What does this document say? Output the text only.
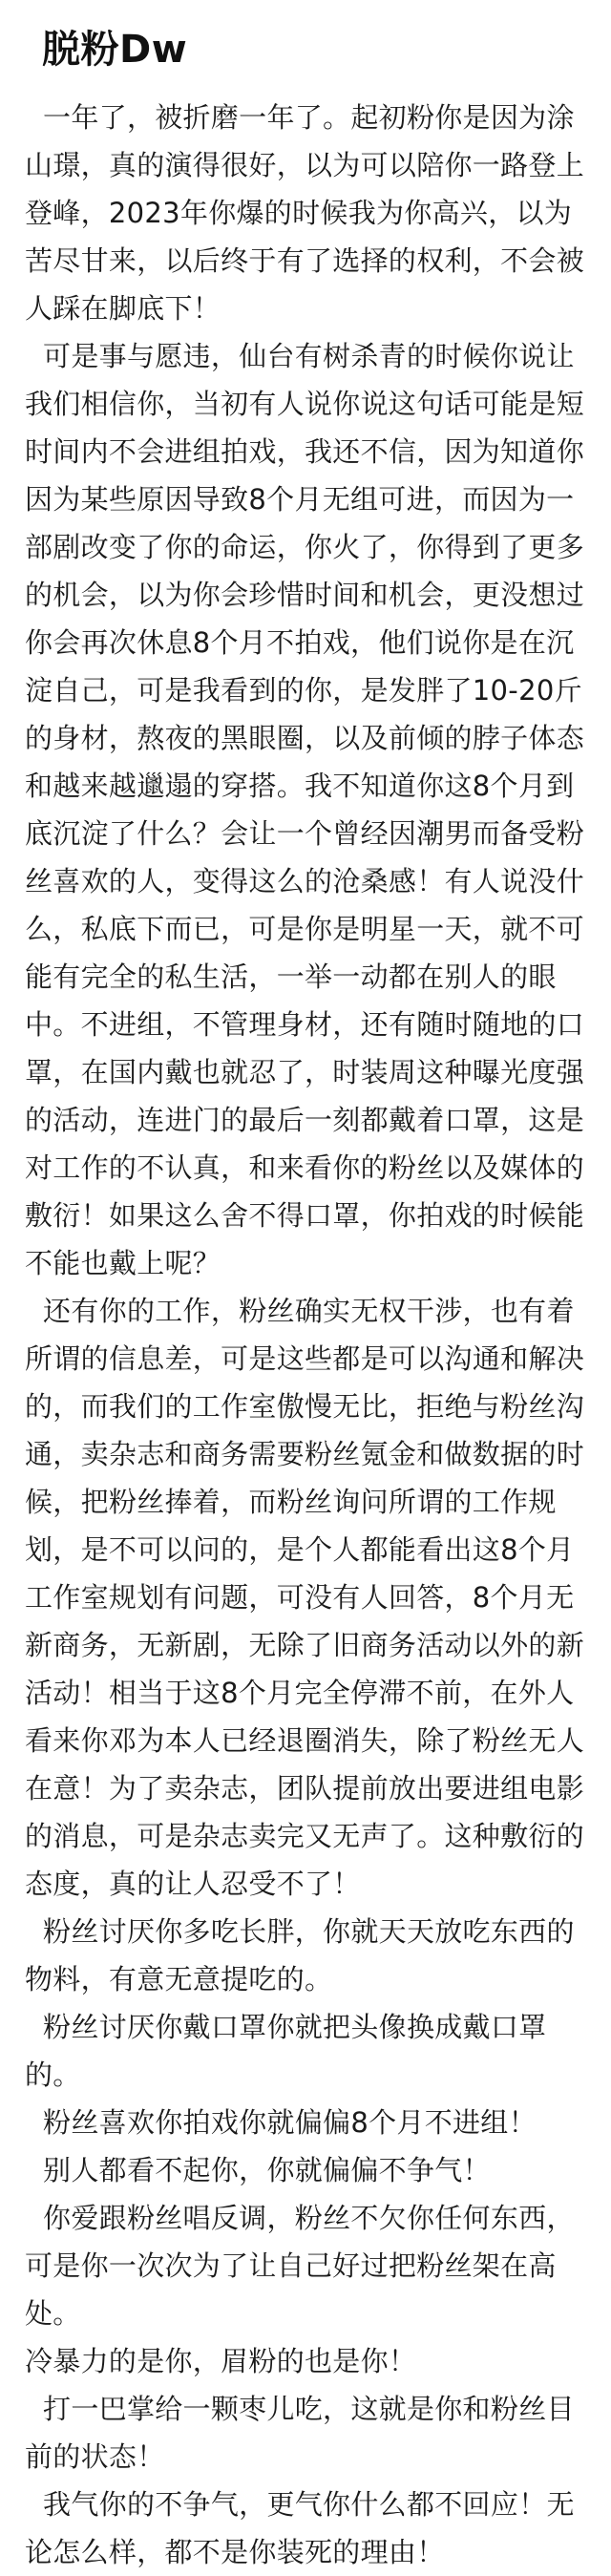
脱粉Dw

一年了，被折磨一年了。起初粉你是因为涂山璟，真的演得很好，以为可以陪你一路登上登峰，2023年你爆的时候我为你高兴，以为苦尽甘来，以后终于有了选择的权利，不会被人踩在脚底下！

可是事与愿违，仙台有树杀青的时候你说让我们相信你，当初有人说你说这句话可能是短时间内不会进组拍戏，我还不信，因为知道你因为某些原因导致8个月无组可进，而因为一部剧改变了你的命运，你火了，你得到了更多的机会，以为你会珍惜时间和机会，更没想过你会再次休息8个月不拍戏，他们说你是在沉淀自己，可是我看到的你，是发胖了10-20斤的身材，熬夜的黑眼圈，以及前倾的脖子体态和越来越邋遢的穿搭。我不知道你这8个月到底沉淀了什么？会让一个曾经因潮男而备受粉丝喜欢的人，变得这么的沧桑感！有人说没什么，私底下而已，可是你是明星一天，就不可能有完全的私生活，一举一动都在别人的眼中。不进组，不管理身材，还有随时随地的口罩，在国内戴也就忍了，时装周这种曝光度强的活动，连进门的最后一刻都戴着口罩，这是对工作的不认真，和来看你的粉丝以及媒体的敷衍！如果这么舍不得口罩，你拍戏的时候能不能也戴上呢？

还有你的工作，粉丝确实无权干涉，也有着所谓的信息差，可是这些都是可以沟通和解决的，而我们的工作室傲慢无比，拒绝与粉丝沟通，卖杂志和商务需要粉丝氪金和做数据的时候，把粉丝捧着，而粉丝询问所谓的工作规划，是不可以问的，是个人都能看出这8个月工作室规划有问题，可没有人回答，8个月无新商务，无新剧，无除了旧商务活动以外的新活动！相当于这8个月完全停滞不前，在外人看来你邓为本人已经退圈消失，除了粉丝无人在意！为了卖杂志，团队提前放出要进组电影的消息，可是杂志卖完又无声了。这种敷衍的态度，真的让人忍受不了！

粉丝讨厌你多吃长胖，你就天天放吃东西的物料，有意无意提吃的。

粉丝讨厌你戴口罩你就把头像换成戴口罩的。

粉丝喜欢你拍戏你就偏偏8个月不进组！

别人都看不起你，你就偏偏不争气！

你爱跟粉丝唱反调，粉丝不欠你任何东西，可是你一次次为了让自己好过把粉丝架在高处。

冷暴力的是你，眉粉的也是你！

打一巴掌给一颗枣儿吃，这就是你和粉丝目前的状态！

我气你的不争气，更气你什么都不回应！无论怎么样，都不是你装死的理由！
